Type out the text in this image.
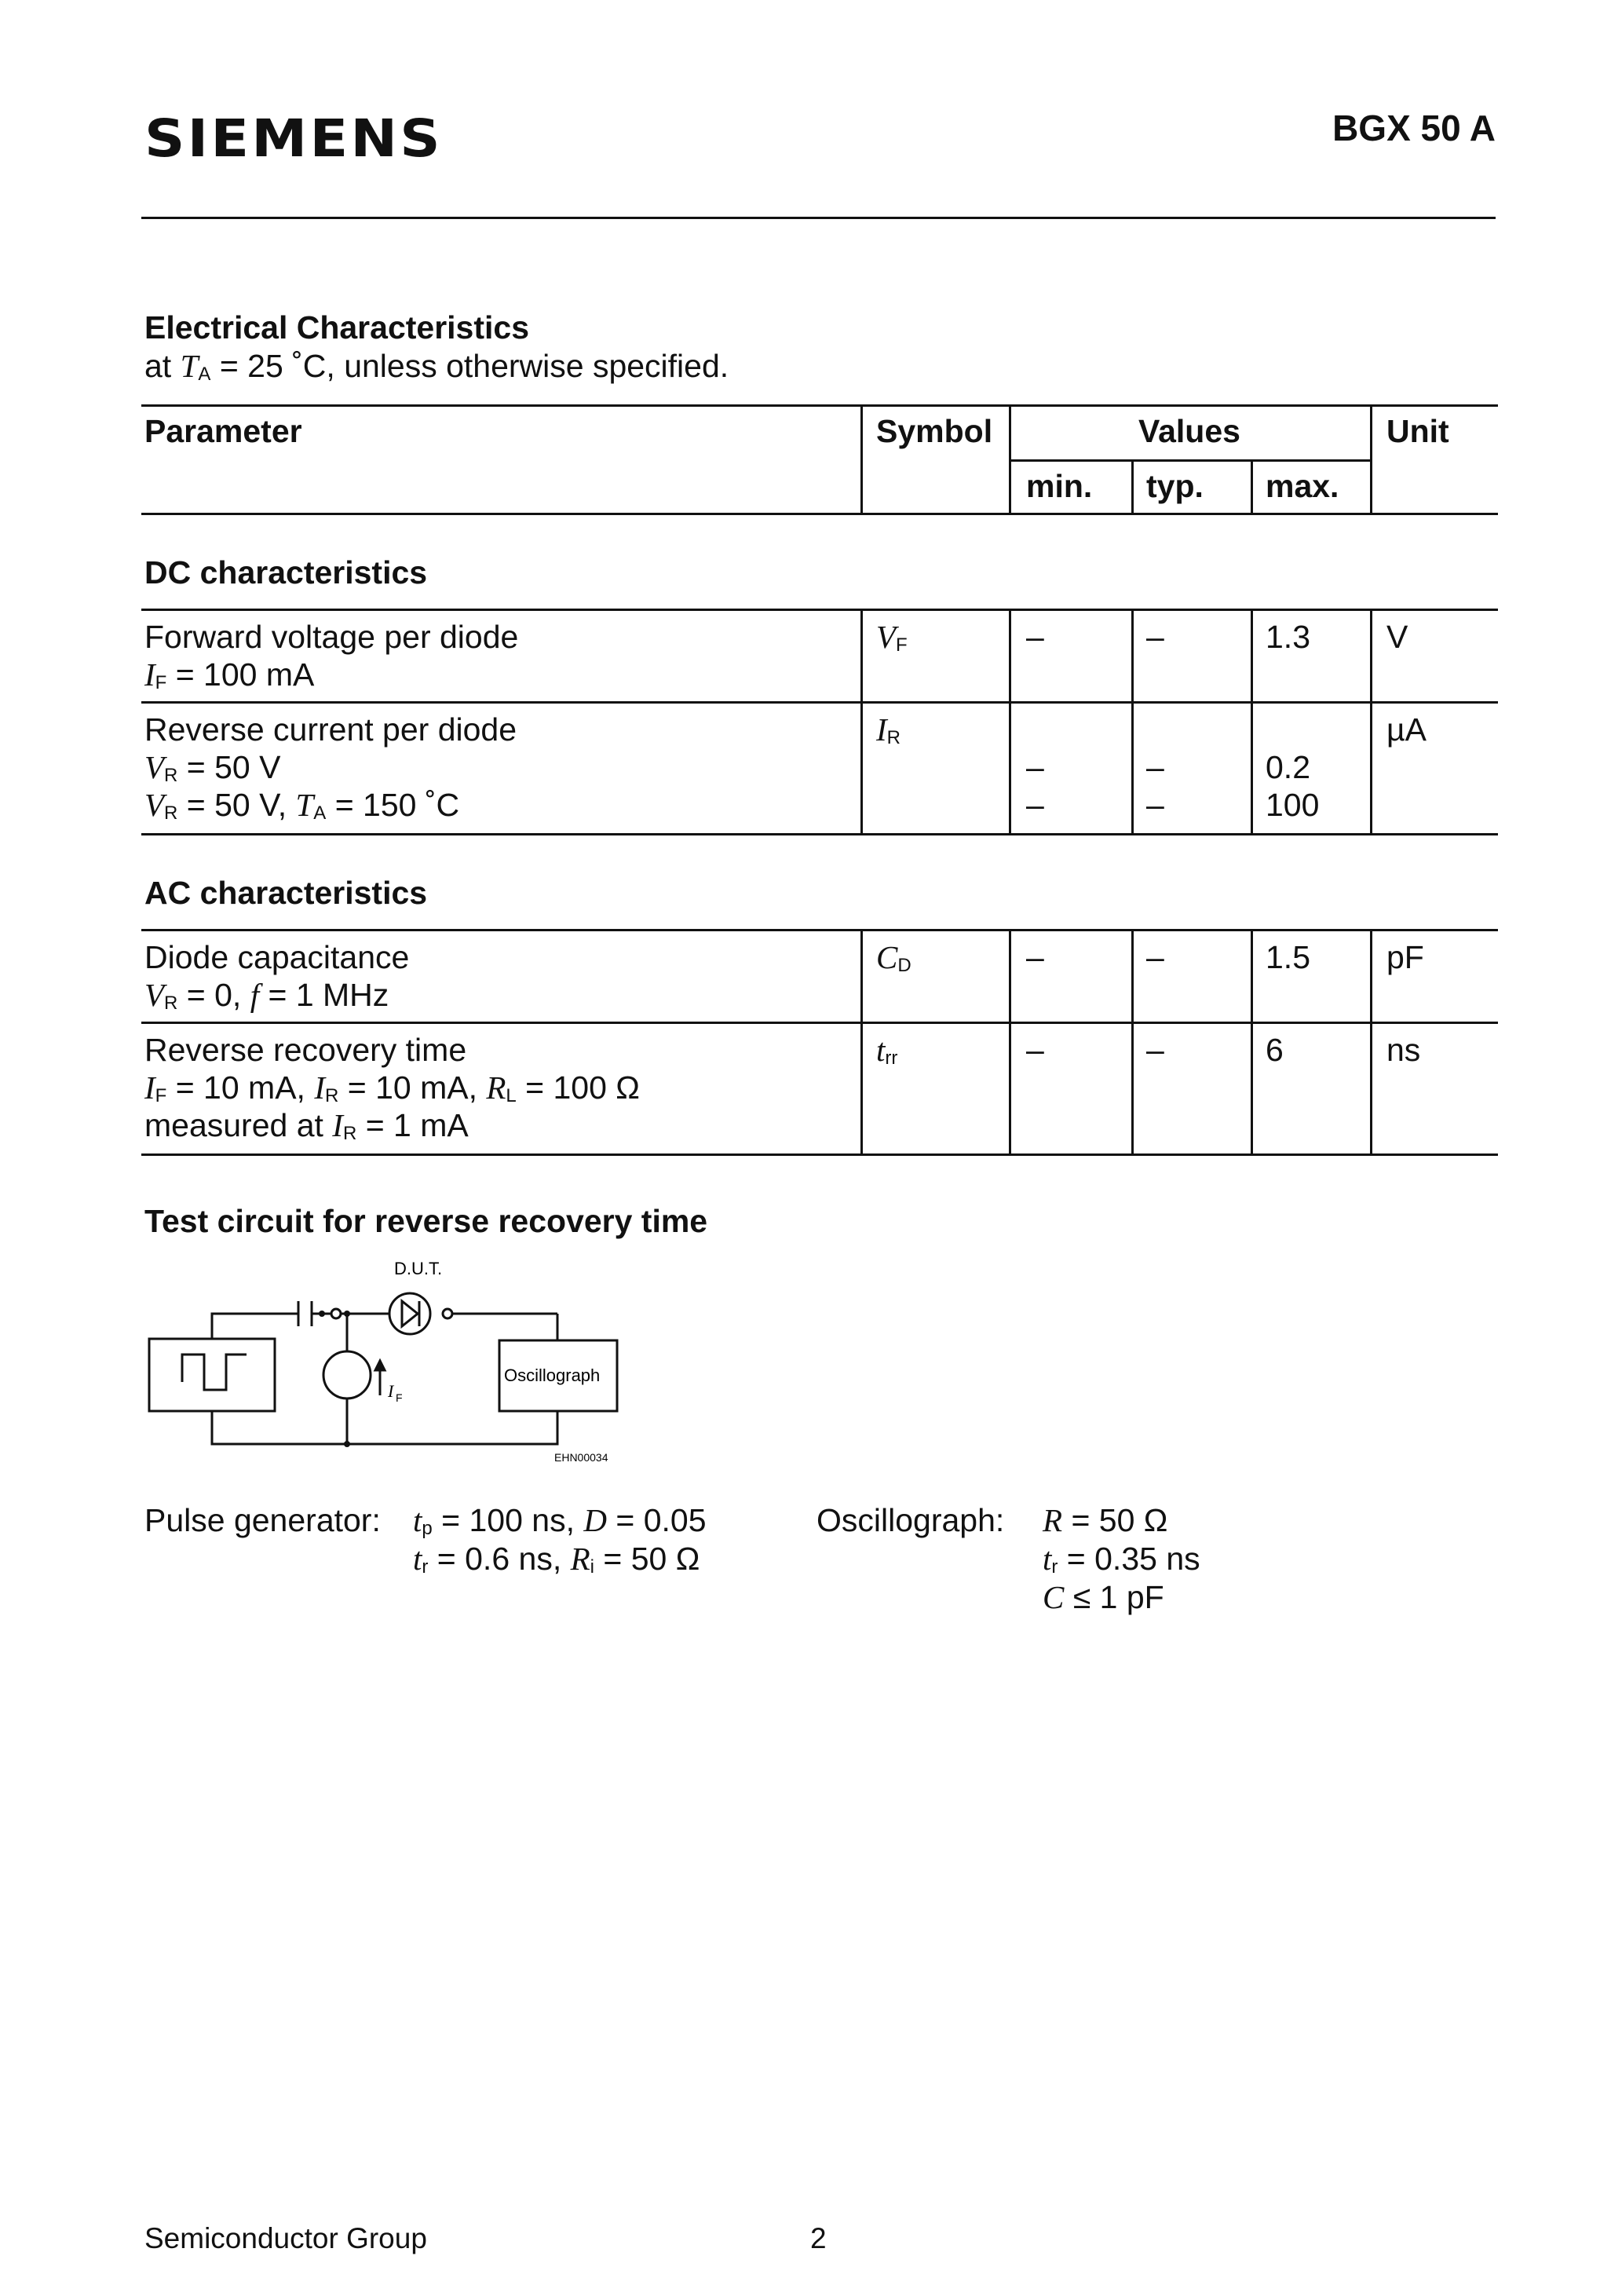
SIEMENS	BGX 50 A
Electrical Characteristics
at $T_A = 25$ ˚C, unless otherwise specified.
Parameter	Symbol	Values
min. typ. max.
Unit
DC characteristics
Forward voltage per diode
$I_F = 100$ mA
$V_F$	–	–	1.3 V
Reverse current per diode
$V_R = 50$ V
$V_R = 50$ V, $T_A = 150$ ˚C
$I_R$
–	–	0.2
–	–	100
µA
AC characteristics
Diode capacitance
$V_R = 0$, f = 1 MHz
$C_D$	–	–	1.5 pF
Reverse recovery time
$I_F = 10$ mA, $I_R = 10$ mA, $R_L = 100$ Ω
measured at $I_R = 1$ mA
$t_{rr}$	–	–	6	ns
Test circuit for reverse recovery time
D.U.T.
Oscillograph
I F
EHN00034
Pulse generator: $t_p = 100$ ns, D = 0.05
$t_r = 0.6$ ns, $R_i = 50$ Ω
Oscillograph: R = 50 Ω
$t_r = 0.35$ ns
C ≤ 1 pF
Semiconductor Group	2
